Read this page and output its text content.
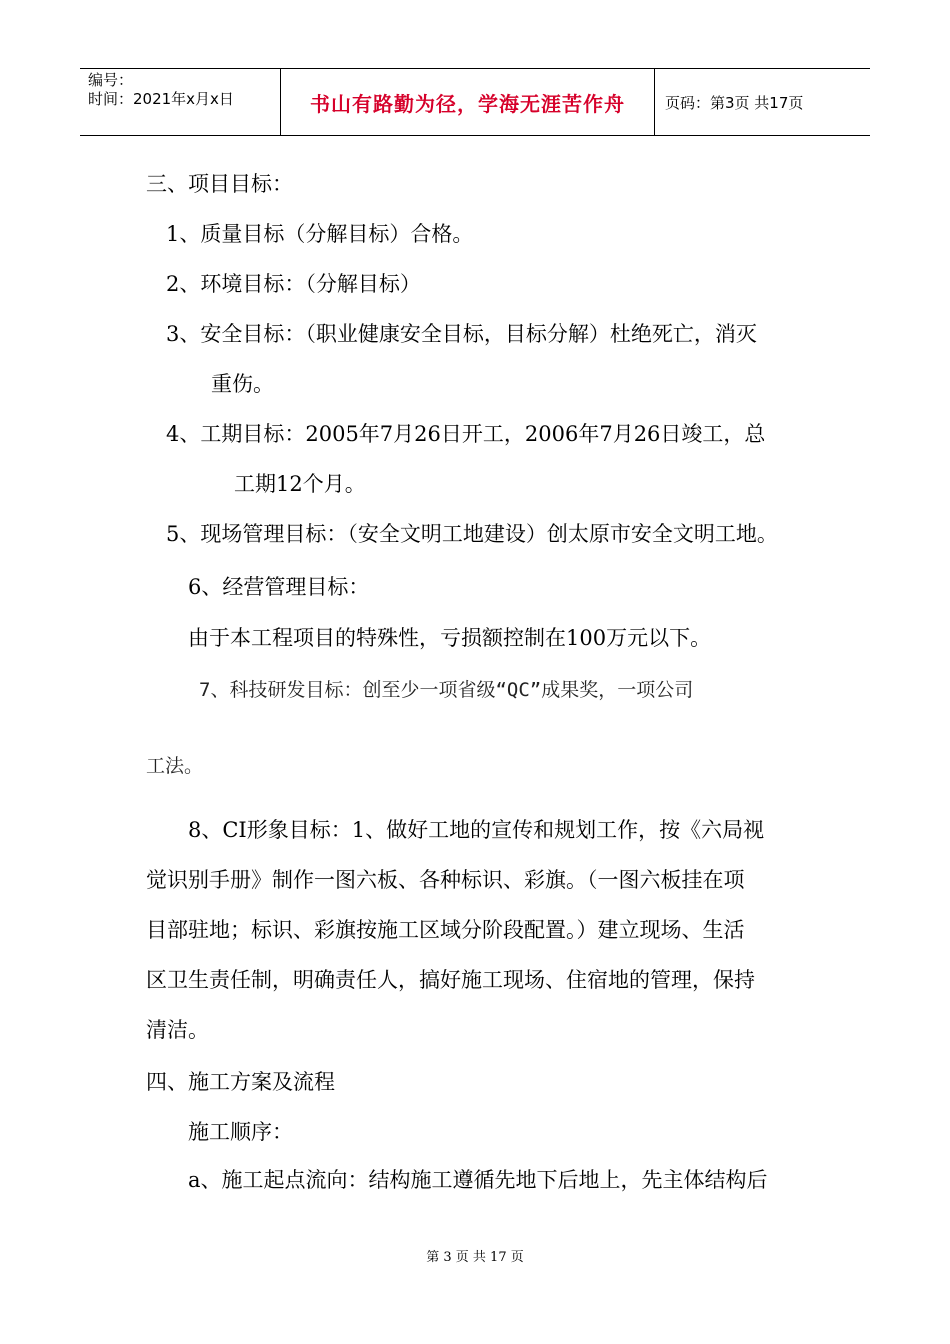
编号：
时间：2021年x月x日	书山有路勤为径，学海无涯苦作舟	页码：第3页 共17页
三、项目目标：
1、质量目标（分解目标）合格。
2、环境目标：（分解目标）
3、安全目标：（职业健康安全目标，目标分解）杜绝死亡，消灭
重伤。
4、工期目标：2005年7月26日开工，2006年7月26日竣工，总
工期12个月。
5、现场管理目标：（安全文明工地建设）创太原市安全文明工地。
6、经营管理目标：
由于本工程项目的特殊性，亏损额控制在100万元以下。
7、科技研发目标：创至少一项省级“QC”成果奖，一项公司
工法。
8、CI形象目标：1、做好工地的宣传和规划工作，按《六局视
觉识别手册》制作一图六板、各种标识、彩旗。（一图六板挂在项
目部驻地；标识、彩旗按施工区域分阶段配置。）建立现场、生活
区卫生责任制，明确责任人，搞好施工现场、住宿地的管理，保持
清洁。
四、施工方案及流程
施工顺序：
a、施工起点流向：结构施工遵循先地下后地上，先主体结构后
第 3 页 共 17 页
